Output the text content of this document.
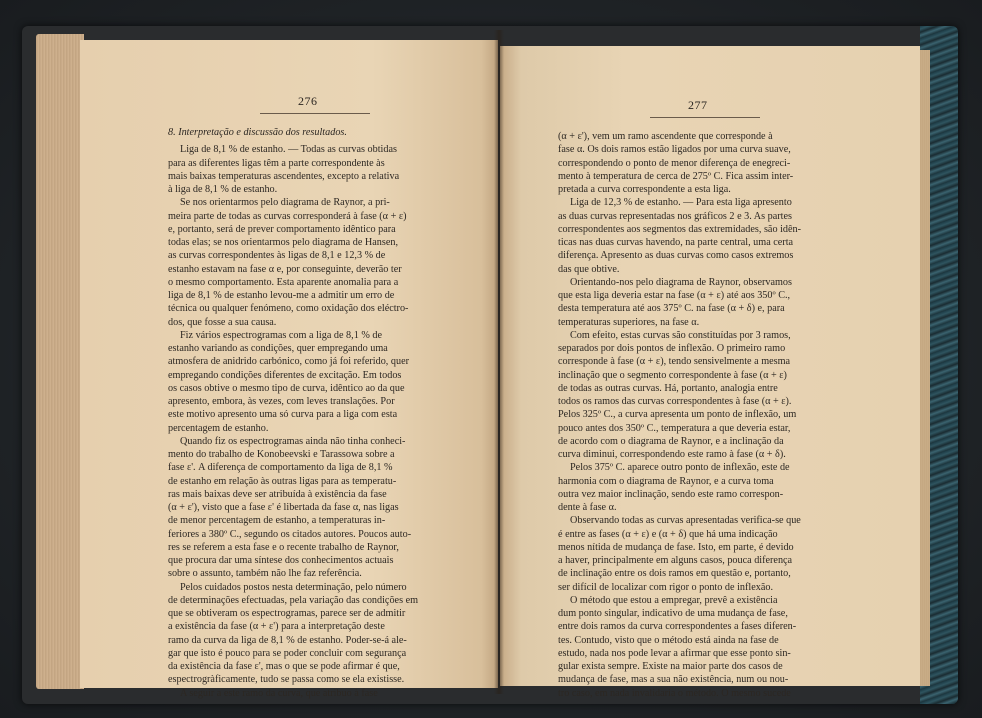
276
8. Interpretação e discussão dos resultados.
Liga de 8,1 % de estanho. — Todas as curvas obtidas
para as diferentes ligas têm a parte correspondente às
mais baixas temperaturas ascendentes, excepto a relativa
à liga de 8,1 % de estanho.
Se nos orientarmos pelo diagrama de Raynor, a pri-
meira parte de todas as curvas corresponderá à fase (α + ε)
e, portanto, será de prever comportamento idêntico para
todas elas; se nos orientarmos pelo diagrama de Hansen,
as curvas correspondentes às ligas de 8,1 e 12,3 % de
estanho estavam na fase α e, por conseguinte, deverão ter
o mesmo comportamento. Esta aparente anomalia para a
liga de 8,1 % de estanho levou-me a admitir um erro de
técnica ou qualquer fenómeno, como oxidação dos eléctro-
dos, que fosse a sua causa.
Fiz vários espectrogramas com a liga de 8,1 % de
estanho variando as condições, quer empregando uma
atmosfera de anidrido carbónico, como já foi referido, quer
empregando condições diferentes de excitação. Em todos
os casos obtive o mesmo tipo de curva, idêntico ao da que
apresento, embora, às vezes, com leves translações. Por
este motivo apresento uma só curva para a liga com esta
percentagem de estanho.
Quando fiz os espectrogramas ainda não tinha conheci-
mento do trabalho de Konobeevski e Tarassowa sobre a
fase ε'. A diferença de comportamento da liga de 8,1 %
de estanho em relação às outras ligas para as temperatu-
ras mais baixas deve ser atribuída à existência da fase
(α + ε'), visto que a fase ε' é libertada da fase α, nas ligas
de menor percentagem de estanho, a temperaturas in-
feriores a 380º C., segundo os citados autores. Poucos auto-
res se referem a esta fase e o recente trabalho de Raynor,
que procura dar uma síntese dos conhecimentos actuais
sobre o assunto, também não lhe faz referência.
Pelos cuidados postos nesta determinação, pelo número
de determinações efectuadas, pela variação das condições em
que se obtiveram os espectrogramas, parece ser de admitir
a existência da fase (α + ε') para a interpretação deste
ramo da curva da liga de 8,1 % de estanho. Poder-se-á ale-
gar que isto é pouco para se poder concluir com segurança
da existência da fase ε', mas o que se pode afirmar é que,
espectrogràficamente, tudo se passa como se ela existisse.
A seguir a este ramo da curva, que atribuo à fase
277
(α + ε'), vem um ramo ascendente que corresponde à
fase α. Os dois ramos estão ligados por uma curva suave,
correspondendo o ponto de menor diferença de enegreci-
mento à temperatura de cerca de 275º C. Fica assim inter-
pretada a curva correspondente a esta liga.
Liga de 12,3 % de estanho. — Para esta liga apresento
as duas curvas representadas nos gráficos 2 e 3. As partes
correspondentes aos segmentos das extremidades, são idên-
ticas nas duas curvas havendo, na parte central, uma certa
diferença. Apresento as duas curvas como casos extremos
das que obtive.
Orientando-nos pelo diagrama de Raynor, observamos
que esta liga deveria estar na fase (α + ε) até aos 350º C.,
desta temperatura até aos 375º C. na fase (α + δ) e, para
temperaturas superiores, na fase α.
Com efeito, estas curvas são constituídas por 3 ramos,
separados por dois pontos de inflexão. O primeiro ramo
corresponde à fase (α + ε), tendo sensivelmente a mesma
inclinação que o segmento correspondente à fase (α + ε)
de todas as outras curvas. Há, portanto, analogia entre
todos os ramos das curvas correspondentes à fase (α + ε).
Pelos 325º C., a curva apresenta um ponto de inflexão, um
pouco antes dos 350º C., temperatura a que deveria estar,
de acordo com o diagrama de Raynor, e a inclinação da
curva diminui, correspondendo este ramo à fase (α + δ).
Pelos 375º C. aparece outro ponto de inflexão, este de
harmonia com o diagrama de Raynor, e a curva toma
outra vez maior inclinação, sendo este ramo correspon-
dente à fase α.
Observando todas as curvas apresentadas verifica-se que
é entre as fases (α + ε) e (α + δ) que há uma indicação
menos nítida de mudança de fase. Isto, em parte, é devido
a haver, principalmente em alguns casos, pouca diferença
de inclinação entre os dois ramos em questão e, portanto,
ser difícil de localizar com rigor o ponto de inflexão.
O método que estou a empregar, prevê a existência
dum ponto singular, indicativo de uma mudança de fase,
entre dois ramos da curva correspondentes a fases diferen-
tes. Contudo, visto que o método está ainda na fase de
estudo, nada nos pode levar a afirmar que esse ponto sin-
gular exista sempre. Existe na maior parte dos casos de
mudança de fase, mas a sua não existência, num ou nou-
tro caso, em nada invalidaria o método. O mesmo sucede
